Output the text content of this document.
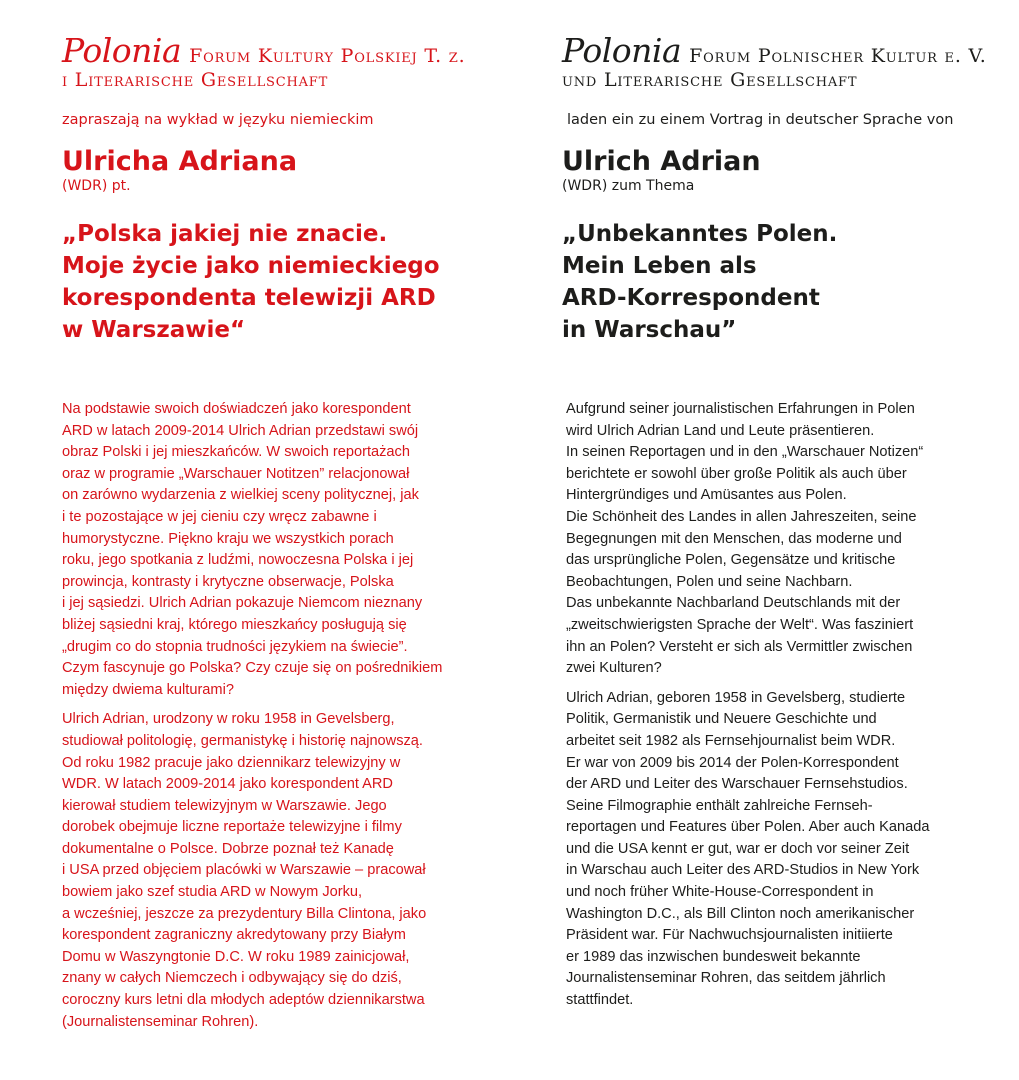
Polonia Forum Kultury Polskiej T. z.
i Literarische Gesellschaft
zapraszają na wykład w języku niemieckim
Ulricha Adriana
(WDR) pt.
„Polska jakiej nie znacie.
Moje życie jako niemieckiego
korespondenta telewizji ARD
w Warszawie“
Na podstawie swoich doświadczeń jako korespondent
ARD w latach 2009-2014 Ulrich Adrian przedstawi swój
obraz Polski i jej mieszkańców. W swoich reportażach
oraz w programie „Warschauer Notitzen” relacjonował
on zarówno wydarzenia z wielkiej sceny politycznej, jak
i te pozostające w jej cieniu czy wręcz zabawne i
humorystyczne. Piękno kraju we wszystkich porach
roku, jego spotkania z ludźmi, nowoczesna Polska i jej
prowincja, kontrasty i krytyczne obserwacje, Polska
i jej sąsiedzi. Ulrich Adrian pokazuje Niemcom nieznany
bliżej sąsiedni kraj, którego mieszkańcy posługują się
„drugim co do stopnia trudności językiem na świecie”.
Czym fascynuje go Polska? Czy czuje się on pośrednikiem
między dwiema kulturami?
Ulrich Adrian, urodzony w roku 1958 in Gevelsberg,
studiował politologię, germanistykę i historię najnowszą.
Od roku 1982 pracuje jako dziennikarz telewizyjny w
WDR. W latach 2009-2014 jako korespondent ARD
kierował studiem telewizyjnym w Warszawie. Jego
dorobek obejmuje liczne reportaże telewizyjne i filmy
dokumentalne o Polsce. Dobrze poznał też Kanadę
i USA przed objęciem placówki w Warszawie – pracował
bowiem jako szef studia ARD w Nowym Jorku,
a wcześniej, jeszcze za prezydentury Billa Clintona, jako
korespondent zagraniczny akredytowany przy Białym
Domu w Waszyngtonie D.C. W roku 1989 zainicjował,
znany w całych Niemczech i odbywający się do dziś,
coroczny kurs letni dla młodych adeptów dziennikarstwa
(Journalistenseminar Rohren).
Polonia Forum Polnischer Kultur e. V.
und Literarische Gesellschaft
laden ein zu einem Vortrag in deutscher Sprache von
Ulrich Adrian
(WDR) zum Thema
„Unbekanntes Polen.
Mein Leben als
ARD-Korrespondent
in Warschau”
Aufgrund seiner journalistischen Erfahrungen in Polen
wird Ulrich Adrian Land und Leute präsentieren.
In seinen Reportagen und in den „Warschauer Notizen“
berichtete er sowohl über große Politik als auch über
Hintergründiges und Amüsantes aus Polen.
Die Schönheit des Landes in allen Jahreszeiten, seine
Begegnungen mit den Menschen, das moderne und
das ursprüngliche Polen, Gegensätze und kritische
Beobachtungen, Polen und seine Nachbarn.
Das unbekannte Nachbarland Deutschlands mit der
„zweitschwierigsten Sprache der Welt“. Was fasziniert
ihn an Polen? Versteht er sich als Vermittler zwischen
zwei Kulturen?
Ulrich Adrian, geboren 1958 in Gevelsberg, studierte
Politik, Germanistik und Neuere Geschichte und
arbeitet seit 1982 als Fernsehjournalist beim WDR.
Er war von 2009 bis 2014 der Polen-Korrespondent
der ARD und Leiter des Warschauer Fernsehstudios.
Seine Filmographie enthält zahlreiche Fernseh-
reportagen und Features über Polen. Aber auch Kanada
und die USA kennt er gut, war er doch vor seiner Zeit
in Warschau auch Leiter des ARD-Studios in New York
und noch früher White-House-Correspondent in
Washington D.C., als Bill Clinton noch amerikanischer
Präsident war. Für Nachwuchsjournalisten initiierte
er 1989 das inzwischen bundesweit bekannte
Journalistenseminar Rohren, das seitdem jährlich
stattfindet.
